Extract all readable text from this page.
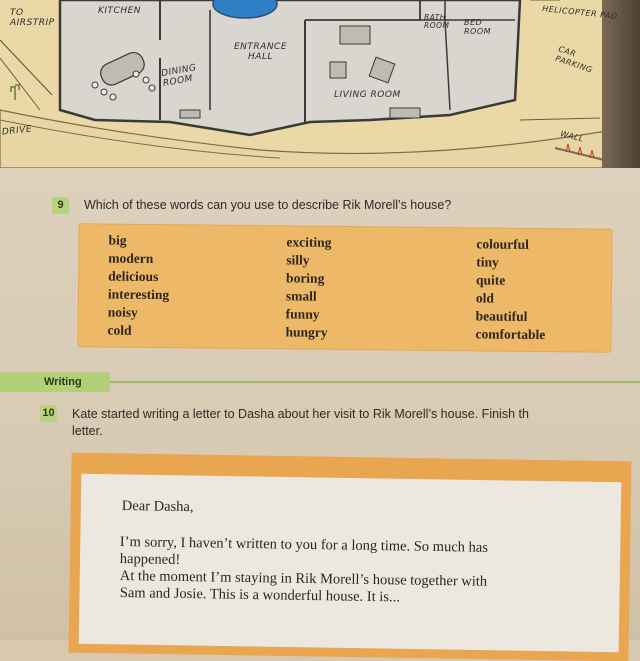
TO
AIRSTRIP
KITCHEN
DINING
ROOM
ENTRANCE
HALL
LIVING ROOM
BATH
ROOM BED
ROOM
HELICOPTER PAD
CAR
PARKING
DRIVE	WALL
9	Which of these words can you use to describe Rik Morell’s house?
big
modern
delicious
interesting
noisy
cold
exciting
silly
boring
small
funny
hungry
colourful
tiny
quite
old
beautiful
comfortable
Writing
10 Kate started writing a letter to Dasha about her visit to Rik Morell’s house. Finish th
letter.
Dear Dasha,
I’m sorry, I haven’t written to you for a long time. So much has
happened!
At the moment I’m staying in Rik Morell’s house together with
Sam and Josie. This is a wonderful house. It is...
